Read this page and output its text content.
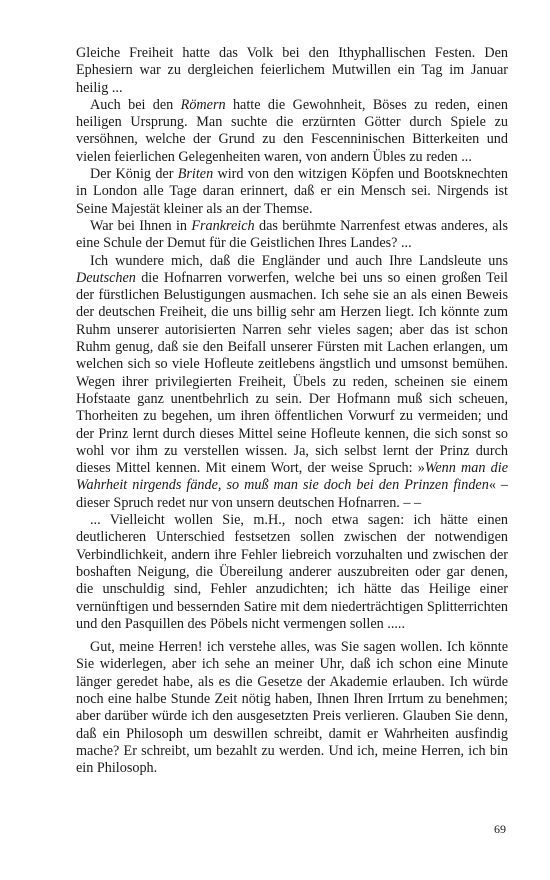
Gleiche Freiheit hatte das Volk bei den Ithyphallischen Festen. Den Ephesiern war zu dergleichen feierlichem Mutwillen ein Tag im Januar heilig ...

Auch bei den Römern hatte die Gewohnheit, Böses zu reden, einen heiligen Ursprung. Man suchte die erzürnten Götter durch Spiele zu versöhnen, welche der Grund zu den Fescenninischen Bitterkeiten und vielen feierlichen Gelegenheiten waren, von andern Übles zu reden ...

Der König der Briten wird von den witzigen Köpfen und Bootsknechten in London alle Tage daran erinnert, daß er ein Mensch sei. Nirgends ist Seine Majestät kleiner als an der Themse.

War bei Ihnen in Frankreich das berühmte Narrenfest etwas anderes, als eine Schule der Demut für die Geistlichen Ihres Landes? ...

Ich wundere mich, daß die Engländer und auch Ihre Landsleute uns Deutschen die Hofnarren vorwerfen, welche bei uns so einen großen Teil der fürstlichen Belustigungen ausmachen. Ich sehe sie an als einen Beweis der deutschen Freiheit, die uns billig sehr am Herzen liegt. Ich könnte zum Ruhm unserer autorisierten Narren sehr vieles sagen; aber das ist schon Ruhm genug, daß sie den Beifall unserer Fürsten mit Lachen erlangen, um welchen sich so viele Hofleute zeitlebens ängstlich und umsonst bemühen. Wegen ihrer privilegierten Freiheit, Übels zu reden, scheinen sie einem Hofstaate ganz unentbehrlich zu sein. Der Hofmann muß sich scheuen, Thorheiten zu begehen, um ihren öffentlichen Vorwurf zu vermeiden; und der Prinz lernt durch dieses Mittel seine Hofleute kennen, die sich sonst so wohl vor ihm zu verstellen wissen. Ja, sich selbst lernt der Prinz durch dieses Mittel kennen. Mit einem Wort, der weise Spruch: »Wenn man die Wahrheit nirgends fände, so muß man sie doch bei den Prinzen finden« – dieser Spruch redet nur von unsern deutschen Hofnarren. – –

... Vielleicht wollen Sie, m.H., noch etwa sagen: ich hätte einen deutlicheren Unterschied festsetzen sollen zwischen der notwendigen Verbindlichkeit, andern ihre Fehler liebreich vorzuhalten und zwischen der boshaften Neigung, die Übereilung anderer auszubreiten oder gar denen, die unschuldig sind, Fehler anzudichten; ich hätte das Heilige einer vernünftigen und bessernden Satire mit dem niederträchtigen Splitterrichten und den Pasquillen des Pöbels nicht vermengen sollen .....

Gut, meine Herren! ich verstehe alles, was Sie sagen wollen. Ich könnte Sie widerlegen, aber ich sehe an meiner Uhr, daß ich schon eine Minute länger geredet habe, als es die Gesetze der Akademie erlauben. Ich würde noch eine halbe Stunde Zeit nötig haben, Ihnen Ihren Irrtum zu benehmen; aber darüber würde ich den ausgesetzten Preis verlieren. Glauben Sie denn, daß ein Philosoph um deswillen schreibt, damit er Wahrheiten ausfindig mache? Er schreibt, um bezahlt zu werden. Und ich, meine Herren, ich bin ein Philosoph.

69
